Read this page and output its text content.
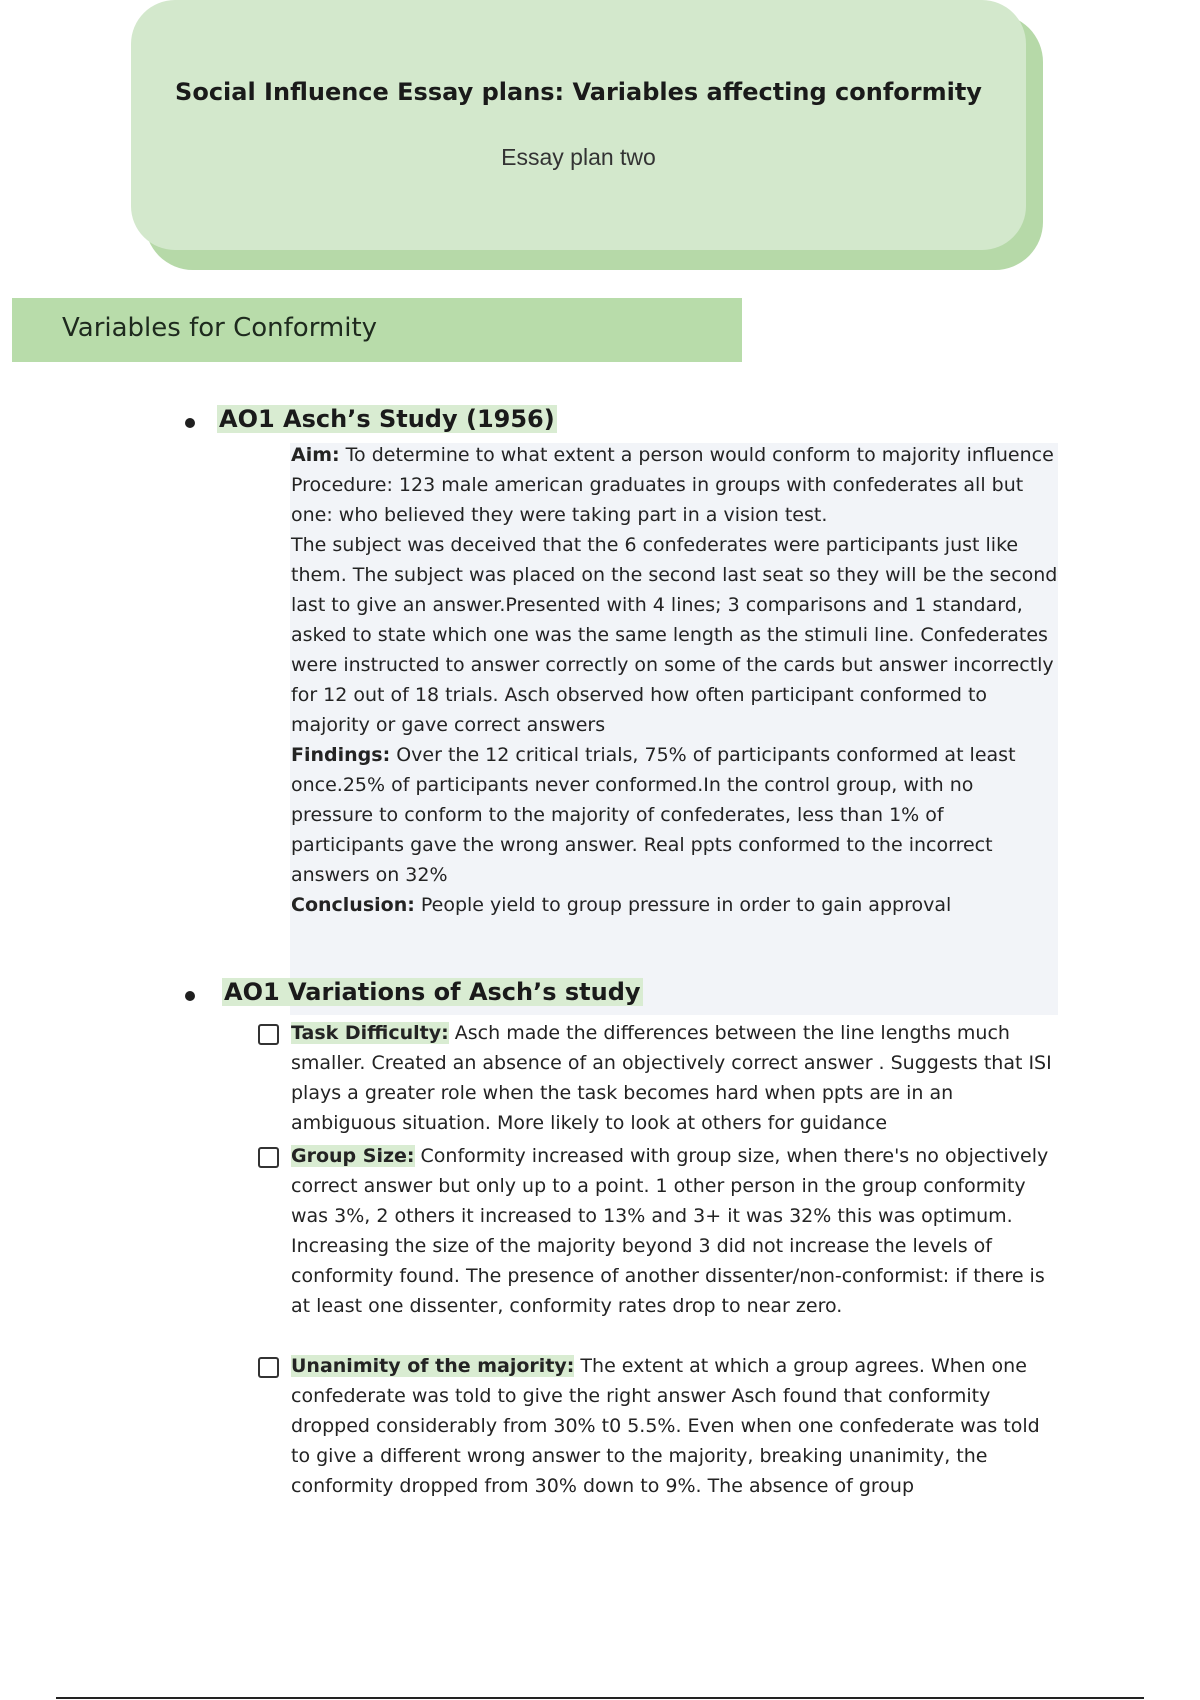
Social Influence Essay plans: Variables affecting conformity
Essay plan two
Variables for Conformity
AO1 Asch’s Study (1956)
Aim: To determine to what extent a person would conform to majority influence
Procedure: 123 male american graduates in groups with confederates all but one: who believed they were taking part in a vision test.
The subject was deceived that the 6 confederates were participants just like them. The subject was placed on the second last seat so they will be the second last to give an answer.Presented with 4 lines; 3 comparisons and 1 standard, asked to state which one was the same length as the stimuli line. Confederates were instructed to answer correctly on some of the cards but answer incorrectly for 12 out of 18 trials. Asch observed how often participant conformed to majority or gave correct answers
Findings: Over the 12 critical trials, 75% of participants conformed at least once.25% of participants never conformed.In the control group, with no pressure to conform to the majority of confederates, less than 1% of participants gave the wrong answer. Real ppts conformed to the incorrect answers on 32%
Conclusion: People yield to group pressure in order to gain approval
AO1 Variations of Asch’s study
Task Difficulty: Asch made the differences between the line lengths much smaller. Created an absence of an objectively correct answer . Suggests that ISI plays a greater role when the task becomes hard when ppts are in an ambiguous situation. More likely to look at others for guidance
Group Size: Conformity increased with group size, when there's no objectively correct answer but only up to a point. 1 other person in the group conformity was 3%, 2 others it increased to 13% and 3+ it was 32% this was optimum. Increasing the size of the majority beyond 3 did not increase the levels of conformity found. The presence of another dissenter/non-conformist: if there is at least one dissenter, conformity rates drop to near zero.
Unanimity of the majority: The extent at which a group agrees. When one confederate was told to give the right answer Asch found that conformity dropped considerably from 30% t0 5.5%. Even when one confederate was told to give a different wrong answer to the majority, breaking unanimity, the conformity dropped from 30% down to 9%. The absence of group
